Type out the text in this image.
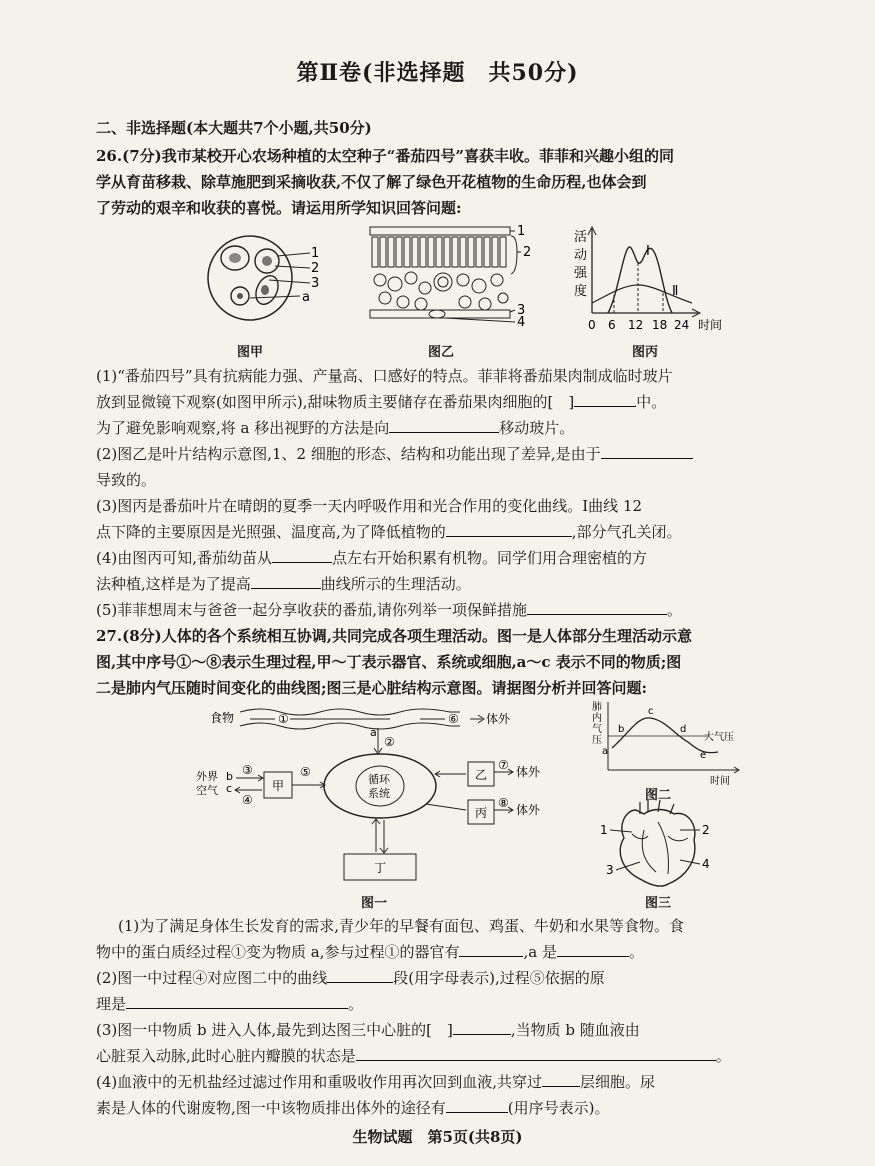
第Ⅱ卷(非选择题　共50分)
二、非选择题(本大题共7个小题,共50分)
26.(7分)我市某校开心农场种植的太空种子“番茄四号”喜获丰收。菲菲和兴趣小组的同
学从育苗移栽、除草施肥到采摘收获,不仅了解了绿色开花植物的生命历程,也体会到
了劳动的艰辛和收获的喜悦。请运用所学知识回答问题:
1
2
3
a
图甲
1
2
3
4
图乙
活
动
强
度
Ⅰ
Ⅱ
0 6 12 18 24 时间
图丙
(1)“番茄四号”具有抗病能力强、产量高、口感好的特点。菲菲将番茄果肉制成临时玻片
放到显微镜下观察(如图甲所示),甜味物质主要储存在番茄果肉细胞的[　]	中。
为了避免影响观察,将 a 移出视野的方法是向	移动玻片。
(2)图乙是叶片结构示意图,1、2 细胞的形态、结构和功能出现了差异,是由于
导致的。
(3)图丙是番茄叶片在晴朗的夏季一天内呼吸作用和光合作用的变化曲线。Ⅰ曲线 12
点下降的主要原因是光照强、温度高,为了降低植物的	,部分气孔关闭。
(4)由图丙可知,番茄幼苗从	点左右开始积累有机物。同学们用合理密植的方
法种植,这样是为了提高	曲线所示的生理活动。
(5)菲菲想周末与爸爸一起分享收获的番茄,请你列举一项保鲜措施	。
27.(8分)人体的各个系统相互协调,共同完成各项生理活动。图一是人体部分生理活动示意
图,其中序号①～⑧表示生理过程,甲～丁表示器官、系统或细胞,a～c 表示不同的物质;图
二是肺内气压随时间变化的曲线图;图三是心脏结构示意图。请据图分析并回答问题:
食物	①	⑥ 体外
a
②
循环
系统
外界
空气
b
c
③
④
甲
⑤	乙
⑦ 体外
丙
⑧ 体外
丁
图一
肺
内
气
压
a
b
c
d
e
大气压
时间
图二
1	2
3	4
图三
(1)为了满足身体生长发育的需求,青少年的早餐有面包、鸡蛋、牛奶和水果等食物。食
物中的蛋白质经过程①变为物质 a,参与过程①的器官有	,a 是	。
(2)图一中过程④对应图二中的曲线	段(用字母表示),过程⑤依据的原
理是	。
(3)图一中物质 b 进入人体,最先到达图三中心脏的[　]	,当物质 b 随血液由
心脏泵入动脉,此时心脏内瓣膜的状态是	。
(4)血液中的无机盐经过滤过作用和重吸收作用再次回到血液,共穿过	层细胞。尿
素是人体的代谢废物,图一中该物质排出体外的途径有	(用序号表示)。
生物试题　第5页(共8页)
